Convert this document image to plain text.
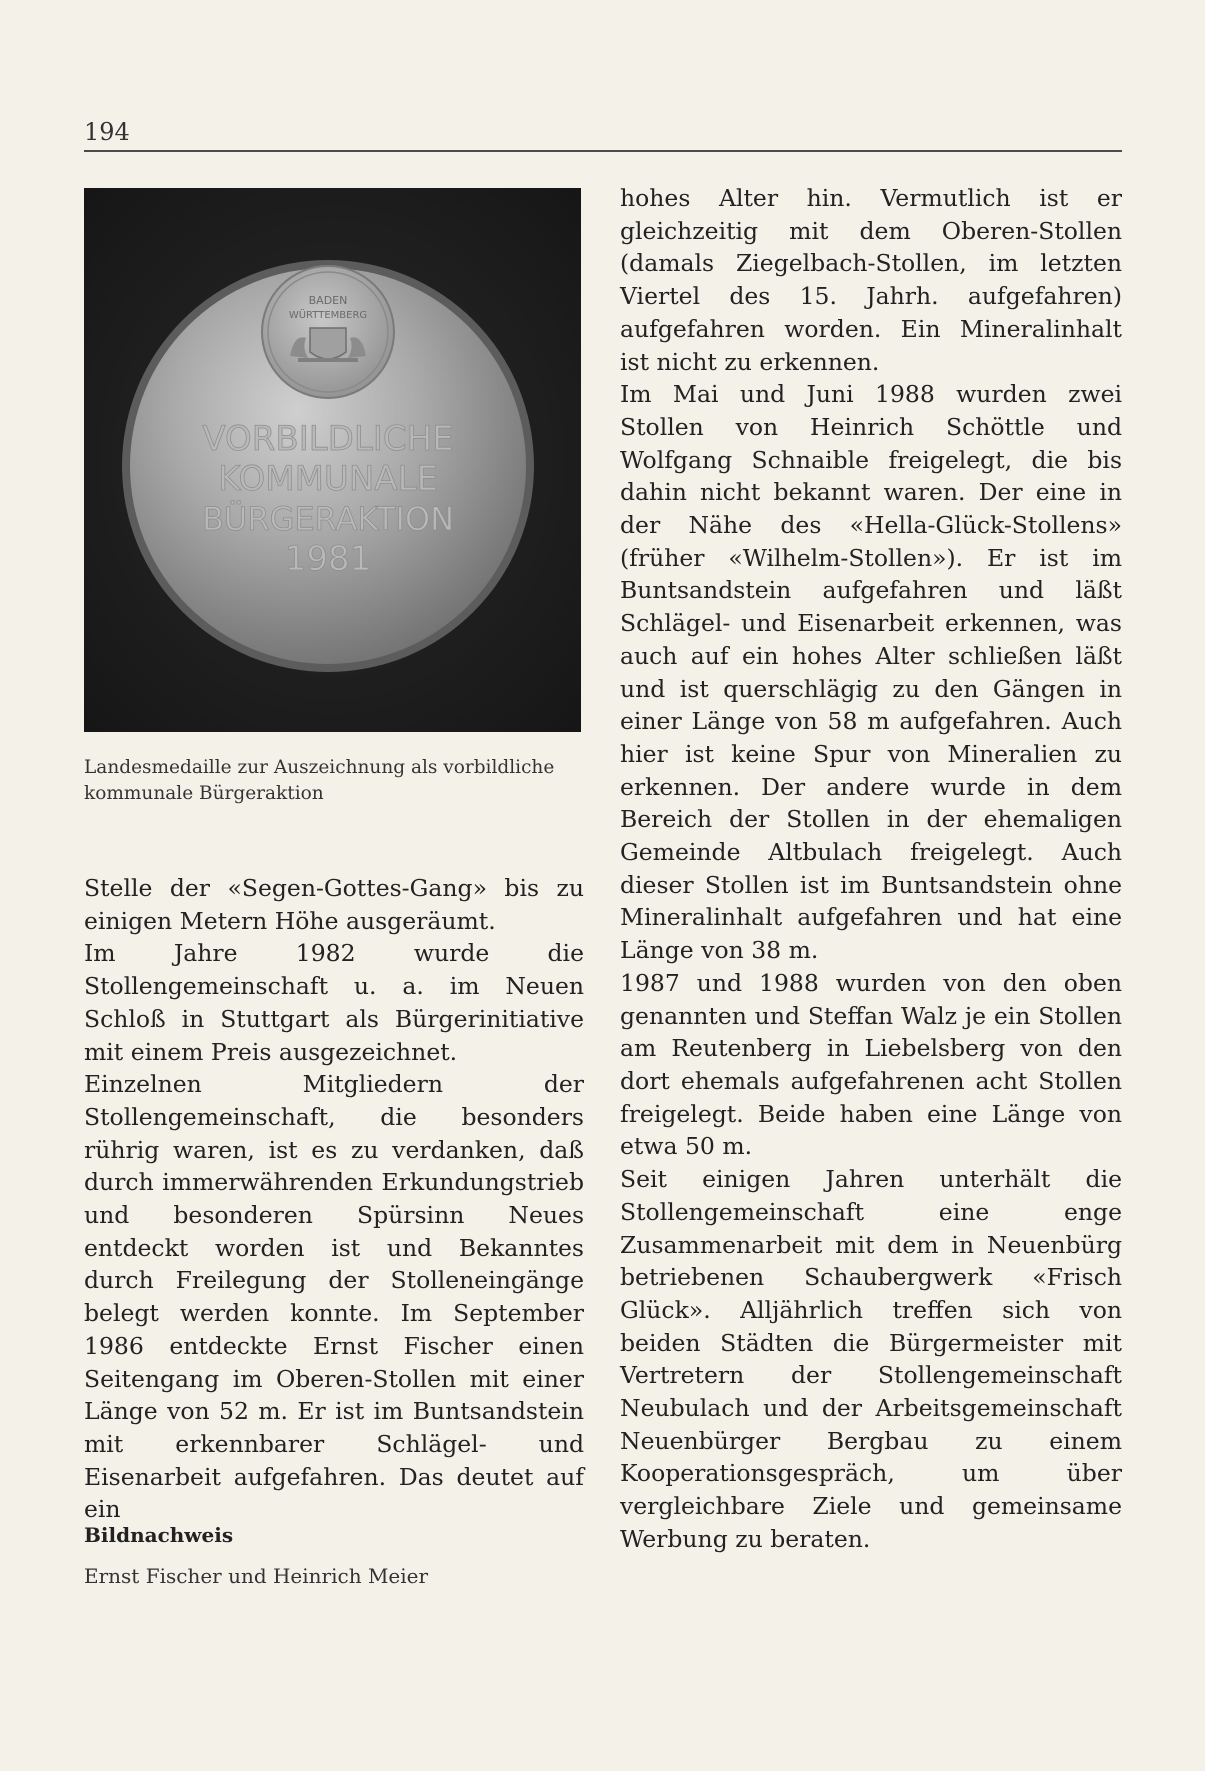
194
BADEN
WÜRTTEMBERG
VORBILDLICHE
KOMMUNALE
BÜRGERAKTION
1981
Landesmedaille zur Auszeichnung als vorbildliche
kommunale Bürgeraktion

Stelle der «Segen-Gottes-Gang» bis zu einigen Metern Höhe ausgeräumt.

Im Jahre 1982 wurde die Stollengemeinschaft u. a. im Neuen Schloß in Stuttgart als Bürgerinitiative mit einem Preis ausgezeichnet.

Einzelnen Mitgliedern der Stollengemeinschaft, die besonders rührig waren, ist es zu verdanken, daß durch immerwährenden Erkundungstrieb und besonderen Spürsinn Neues entdeckt worden ist und Bekanntes durch Freilegung der Stolleneingänge belegt werden konnte. Im September 1986 entdeckte Ernst Fischer einen Seitengang im Oberen-Stollen mit einer Länge von 52 m. Er ist im Buntsandstein mit erkennbarer Schlägel- und Eisenarbeit aufgefahren. Das deutet auf ein

hohes Alter hin. Vermutlich ist er gleichzeitig mit dem Oberen-Stollen (damals Ziegelbach-Stollen, im letzten Viertel des 15. Jahrh. aufgefahren) aufgefahren worden. Ein Mineralinhalt ist nicht zu erkennen.

Im Mai und Juni 1988 wurden zwei Stollen von Heinrich Schöttle und Wolfgang Schnaible freigelegt, die bis dahin nicht bekannt waren. Der eine in der Nähe des «Hella-Glück-Stollens» (früher «Wilhelm-Stollen»). Er ist im Buntsandstein aufgefahren und läßt Schlägel- und Eisenarbeit erkennen, was auch auf ein hohes Alter schließen läßt und ist querschlägig zu den Gängen in einer Länge von 58 m aufgefahren. Auch hier ist keine Spur von Mineralien zu erkennen. Der andere wurde in dem Bereich der Stollen in der ehemaligen Gemeinde Altbulach freigelegt. Auch dieser Stollen ist im Buntsandstein ohne Mineralinhalt aufgefahren und hat eine Länge von 38 m.

1987 und 1988 wurden von den oben genannten und Steffan Walz je ein Stollen am Reutenberg in Liebelsberg von den dort ehemals aufgefahrenen acht Stollen freigelegt. Beide haben eine Länge von etwa 50 m.

Seit einigen Jahren unterhält die Stollengemeinschaft eine enge Zusammenarbeit mit dem in Neuenbürg betriebenen Schaubergwerk «Frisch Glück». Alljährlich treffen sich von beiden Städten die Bürgermeister mit Vertretern der Stollengemeinschaft Neubulach und der Arbeitsgemeinschaft Neuenbürger Bergbau zu einem Kooperationsgespräch, um über vergleichbare Ziele und gemeinsame Werbung zu beraten.

Bildnachweis
Ernst Fischer und Heinrich Meier
